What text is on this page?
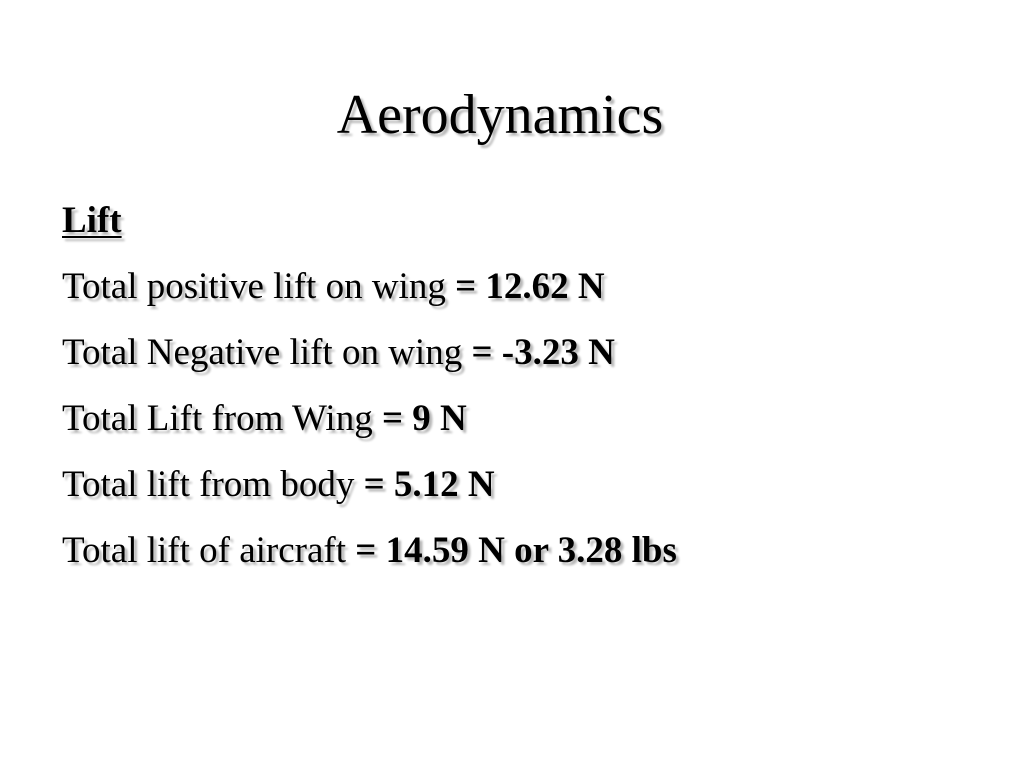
Aerodynamics
Lift
Total positive lift on wing = 12.62 N
Total Negative lift on wing = -3.23 N
Total Lift from Wing = 9 N
Total lift from body = 5.12 N
Total lift of aircraft = 14.59 N or 3.28 lbs
